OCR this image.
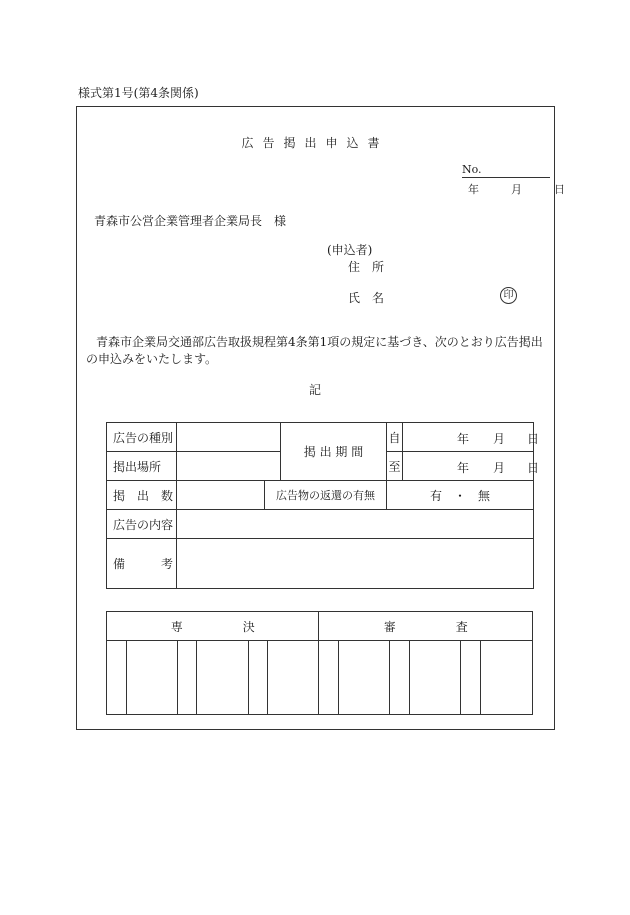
様式第1号(第4条関係)
広告掲出申込書
No.
年	月	日
青森市公営企業管理者企業局長　様
(申込者)
住　所
氏　名	印
青森市企業局交通部広告取扱規程第4条第1項の規定に基づき、次のとおり広告掲出の申込みをいたします。
記
広告の種別			掲 出 期 間	自	年 月 日

掲出場所				至	年 月 日

掲　出　数		広告物の返還の有無		有　・　無	
広告の内容					
備　　　考					
専　　　　　決						審　　　　　査					
